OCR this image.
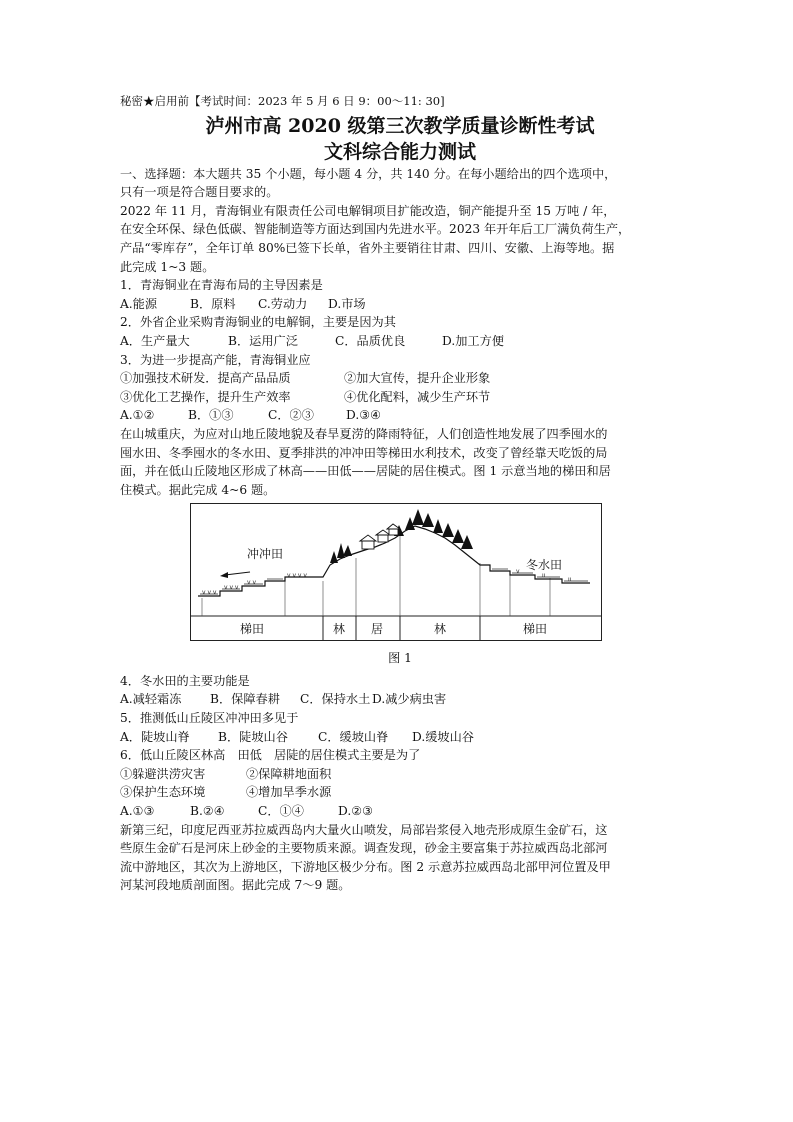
秘密★启用前【考试时间：2023 年 5 月 6 日 9：00～11: 30]
泸州市高 2020 级第三次教学质量诊断性考试
文科综合能力测试
一、选择题：本大题共 35 个小题，每小题 4 分，共 140 分。在每小题给出的四个选项中，
只有一项是符合题目要求的。
2022 年 11 月，青海铜业有限责任公司电解铜项目扩能改造，铜产能提升至 15 万吨 / 年，
在安全环保、绿色低碳、智能制造等方面达到国内先进水平。2023 年开年后工厂满负荷生产，
产品“零库存”，全年订单 80%已签下长单，省外主要销往甘肃、四川、安徽、上海等地。据
此完成 1~3 题。
1．青海铜业在青海布局的主导因素是
A.能源	B．原料 C.劳动力 D.市场
2．外省企业采购青海铜业的电解铜，主要是因为其
A．生产量大	B．运用广泛	C．品质优良	D.加工方便
3．为进一步提高产能，青海铜业应
①加强技术研发．提高产品品质	②加大宣传，提升企业形象
③优化工艺操作，提升生产效率	④优化配料，减少生产环节
A.①②	B．①③	C．②③	D.③④
在山城重庆，为应对山地丘陵地貌及春旱夏涝的降雨特征，人们创造性地发展了四季囤水的
囤水田、冬季囤水的冬水田、夏季排洪的冲冲田等梯田水利技术，改变了曾经靠天吃饭的局
面，并在低山丘陵地区形成了林高——田低——居陡的居住模式。图 1 示意当地的梯田和居
住模式。据此完成 4~6 题。
v v v
v v v
v v
v v v v
v
ıı
ıı
冲冲田
冬水田
梯田	林 居	林	梯田
图 1
4．冬水田的主要功能是
A.减轻霜冻 B．保障春耕 C．保持水土 D.减少病虫害
5．推测低山丘陵区冲冲田多见于
A．陡坡山脊 B．陡坡山谷 C．缓坡山脊 D.缓坡山谷
6．低山丘陵区林高　田低　居陡的居住模式主要是为了
①躲避洪涝灾害	②保障耕地面积
③保护生态环境	④增加旱季水源
A.①③	B.②④	C．①④	D.②③
新第三纪，印度尼西亚苏拉威西岛内大量火山喷发，局部岩浆侵入地壳形成原生金矿石，这
些原生金矿石是河床上砂金的主要物质来源。调查发现，砂金主要富集于苏拉威西岛北部河
流中游地区，其次为上游地区，下游地区极少分布。图 2 示意苏拉威西岛北部甲河位置及甲
河某河段地质剖面图。据此完成 7～9 题。
